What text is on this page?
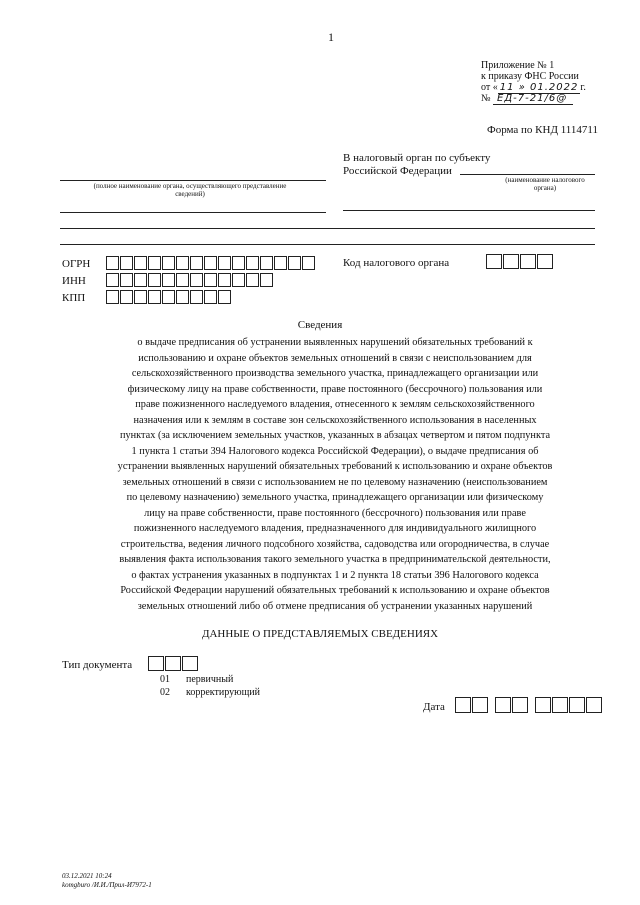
1
Приложение № 1
к приказу ФНС России
от « 11 » 01.2022 г.
№ ЕД-7-21/6@
Форма по КНД 1114711
В налоговый орган по субъекту
Российской Федерации
(наименование налогового органа)
(полное наименование органа, осуществляющего представление сведений)
ОГРН
ИНН
КПП
Код налогового органа
Сведения
о выдаче предписания об устранении выявленных нарушений обязательных требований к
использованию и охране объектов земельных отношений в связи с неиспользованием для
сельскохозяйственного производства земельного участка, принадлежащего организации или
физическому лицу на праве собственности, праве постоянного (бессрочного) пользования или
праве пожизненного наследуемого владения, отнесенного к землям сельскохозяйственного
назначения или к землям в составе зон сельскохозяйственного использования в населенных
пунктах (за исключением земельных участков, указанных в абзацах четвертом и пятом подпункта
1 пункта 1 статьи 394 Налогового кодекса Российской Федерации), о выдаче предписания об
устранении выявленных нарушений обязательных требований к использованию и охране объектов
земельных отношений в связи с использованием не по целевому назначению (неиспользованием
по целевому назначению) земельного участка, принадлежащего организации или физическому
лицу на праве собственности, праве постоянного (бессрочного) пользования или праве
пожизненного наследуемого владения, предназначенного для индивидуального жилищного
строительства, ведения личного подсобного хозяйства, садоводства или огородничества, в случае
выявления факта использования такого земельного участка в предпринимательской деятельности,
о фактах устранения указанных в подпунктах 1 и 2 пункта 18 статьи 396 Налогового кодекса
Российской Федерации нарушений обязательных требований к использованию и охране объектов
земельных отношений либо об отмене предписания об устранении указанных нарушений
ДАННЫЕ О ПРЕДСТАВЛЯЕМЫХ СВЕДЕНИЯХ
Тип документа
01 первичный
02 корректирующий
Дата
03.12.2021 10:24
komgburo /И.И./Прил-И7972-1
